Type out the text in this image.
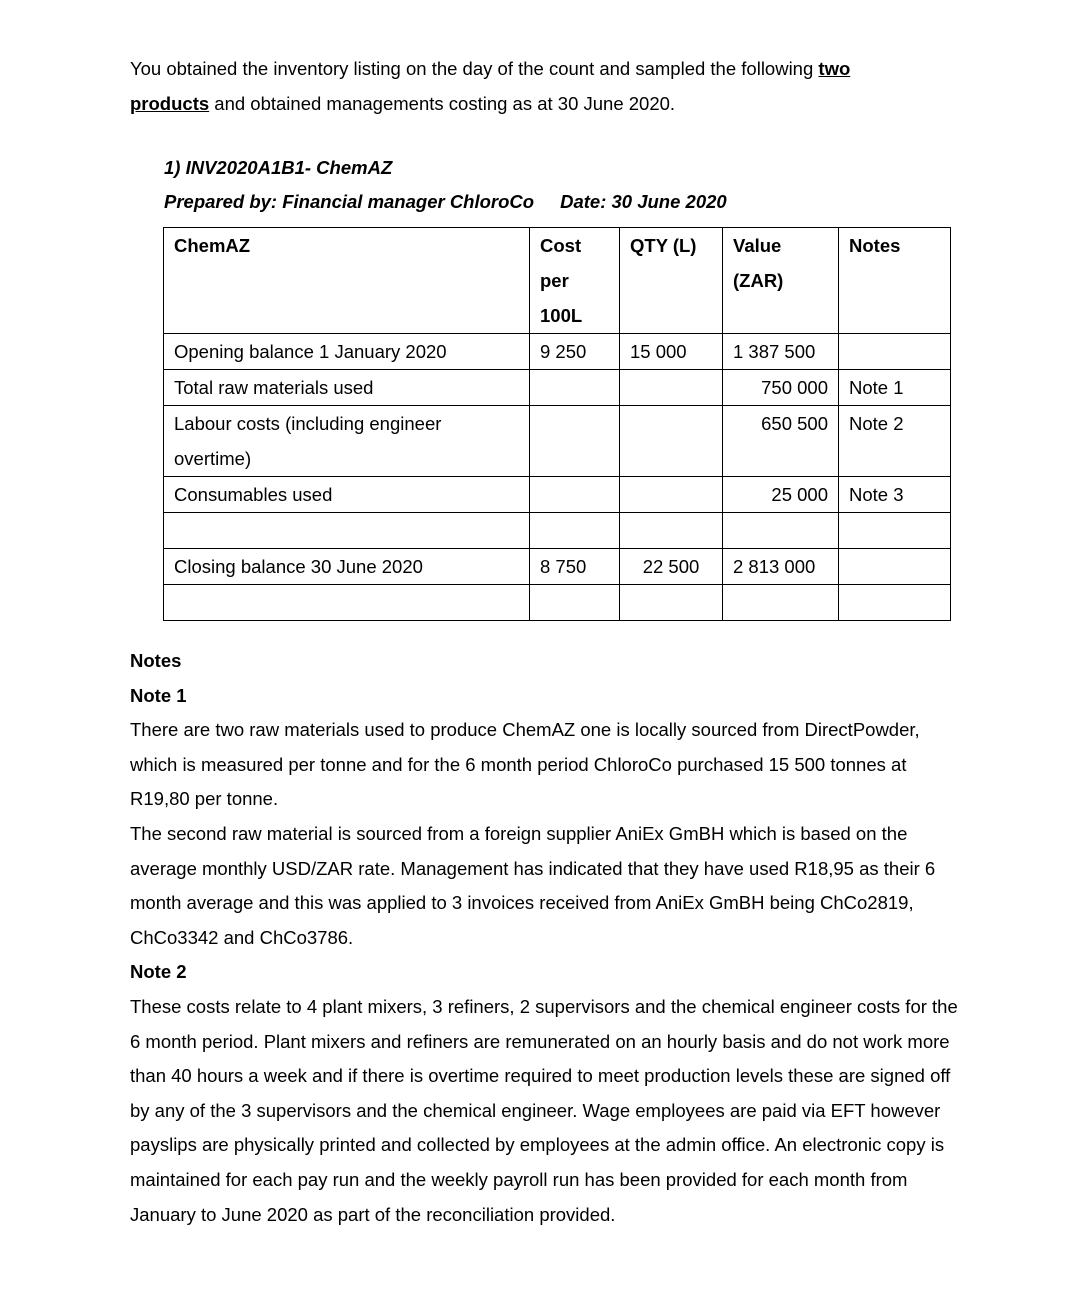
You obtained the inventory listing on the day of the count and sampled the following two products and obtained managements costing as at 30 June 2020.

1) INV2020A1B1- ChemAZ
Prepared by: Financial manager ChloroCo Date: 30 June 2020
ChemAZ	Cost per 100L	QTY (L)	Value (ZAR)	Notes
Opening balance 1 January 2020	9 250	15 000	1 387 500	
Total raw materials used			750 000	Note 1
Labour costs (including engineer overtime)			650 500	Note 2
Consumables used			25 000	Note 3

Closing balance 30 June 2020	8 750	22 500	2 813 000	

Notes

Note 1

There are two raw materials used to produce ChemAZ one is locally sourced from DirectPowder, which is measured per tonne and for the 6 month period ChloroCo purchased 15 500 tonnes at R19,80 per tonne.

The second raw material is sourced from a foreign supplier AniEx GmBH which is based on the average monthly USD/ZAR rate. Management has indicated that they have used R18,95 as their 6 month average and this was applied to 3 invoices received from AniEx GmBH being ChCo2819, ChCo3342 and ChCo3786.

Note 2

These costs relate to 4 plant mixers, 3 refiners, 2 supervisors and the chemical engineer costs for the 6 month period. Plant mixers and refiners are remunerated on an hourly basis and do not work more than 40 hours a week and if there is overtime required to meet production levels these are signed off by any of the 3 supervisors and the chemical engineer. Wage employees are paid via EFT however payslips are physically printed and collected by employees at the admin office. An electronic copy is maintained for each pay run and the weekly payroll run has been provided for each month from January to June 2020 as part of the reconciliation provided.
